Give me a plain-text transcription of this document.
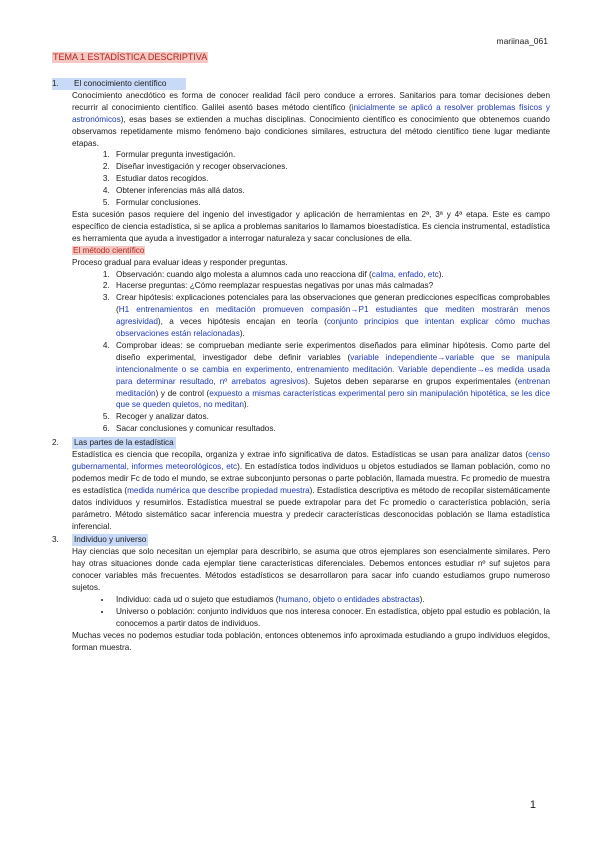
mariinaa_061
TEMA 1 ESTADÍSTICA DESCRIPTIVA
1.	El conocimiento científico

Conocimiento anecdótico es forma de conocer realidad fácil pero conduce a errores. Sanitarios para tomar decisiones deben recurrir al conocimiento científico. Galilei asentó bases método científico (inicialmente se aplicó a resolver problemas físicos y astronómicos), esas bases se extienden a muchas disciplinas. Conocimiento científico es conocimiento que obtenemos cuando observamos repetidamente mismo fenómeno bajo condiciones similares, estructura del método científico tiene lugar mediante etapas.

1. Formular pregunta investigación.
2. Diseñar investigación y recoger observaciones.
3. Estudiar datos recogidos.
4. Obtener inferencias más allá datos.
5. Formular conclusiones.

Esta sucesión pasos requiere del ingenio del investigador y aplicación de herramientas en 2ª, 3ª y 4ª etapa. Este es campo específico de ciencia estadística, si se aplica a problemas sanitarios lo llamamos bioestadística. Es ciencia instrumental, estadística es herramienta que ayuda a investigador a interrogar naturaleza y sacar conclusiones de ella.

El método científico

Proceso gradual para evaluar ideas y responder preguntas.

1. Observación: cuando algo molesta a alumnos cada uno reacciona dif (calma, enfado, etc).
2. Hacerse preguntas: ¿Cómo reemplazar respuestas negativas por unas más calmadas?
3. Crear hipótesis: explicaciones potenciales para las observaciones que generan predicciones específicas comprobables (H1 entrenamientos en meditación promueven compasión→P1 estudiantes que mediten mostrarán menos agresividad), a veces hipótesis encajan en teoría (conjunto principios que intentan explicar cómo muchas observaciones están relacionadas).
4. Comprobar ideas: se comprueban mediante serie experimentos diseñados para eliminar hipótesis. Como parte del diseño experimental, investigador debe definir variables (variable independiente→variable que se manipula intencionalmente o se cambia en experimento, entrenamiento meditación. Variable dependiente→es medida usada para determinar resultado, nº arrebatos agresivos). Sujetos deben separarse en grupos experimentales (entrenan meditación) y de control (expuesto a mismas características experimental pero sin manipulación hipotética, se les dice que se queden quietos, no meditan).
5. Recoger y analizar datos.
6. Sacar conclusiones y comunicar resultados.
2.	Las partes de la estadística

Estadística es ciencia que recopila, organiza y extrae info significativa de datos. Estadísticas se usan para analizar datos (censo gubernamental, informes meteorológicos, etc). En estadística todos individuos u objetos estudiados se llaman población, como no podemos medir Fc de todo el mundo, se extrae subconjunto personas o parte población, llamada muestra. Fc promedio de muestra es estadística (medida numérica que describe propiedad muestra). Estadística descriptiva es método de recopilar sistemáticamente datos individuos y resumirlos. Estadística muestral se puede extrapolar para det Fc promedio o característica población, sería parámetro. Método sistemático sacar inferencia muestra y predecir características desconocidas población se llama estadística inferencial.

3.	Individuo y universo

Hay ciencias que solo necesitan un ejemplar para describirlo, se asuma que otros ejemplares son esencialmente similares. Pero hay otras situaciones donde cada ejemplar tiene características diferenciales. Debemos entonces estudiar nº suf sujetos para conocer variables más frecuentes. Métodos estadísticos se desarrollaron para sacar info cuando estudiamos grupo numeroso sujetos.

• Individuo: cada ud o sujeto que estudiamos (humano, objeto o entidades abstractas).
• Universo o población: conjunto individuos que nos interesa conocer. En estadística, objeto ppal estudio es población, la conocemos a partir datos de individuos.

Muchas veces no podemos estudiar toda población, entonces obtenemos info aproximada estudiando a grupo individuos elegidos, forman muestra.

1
